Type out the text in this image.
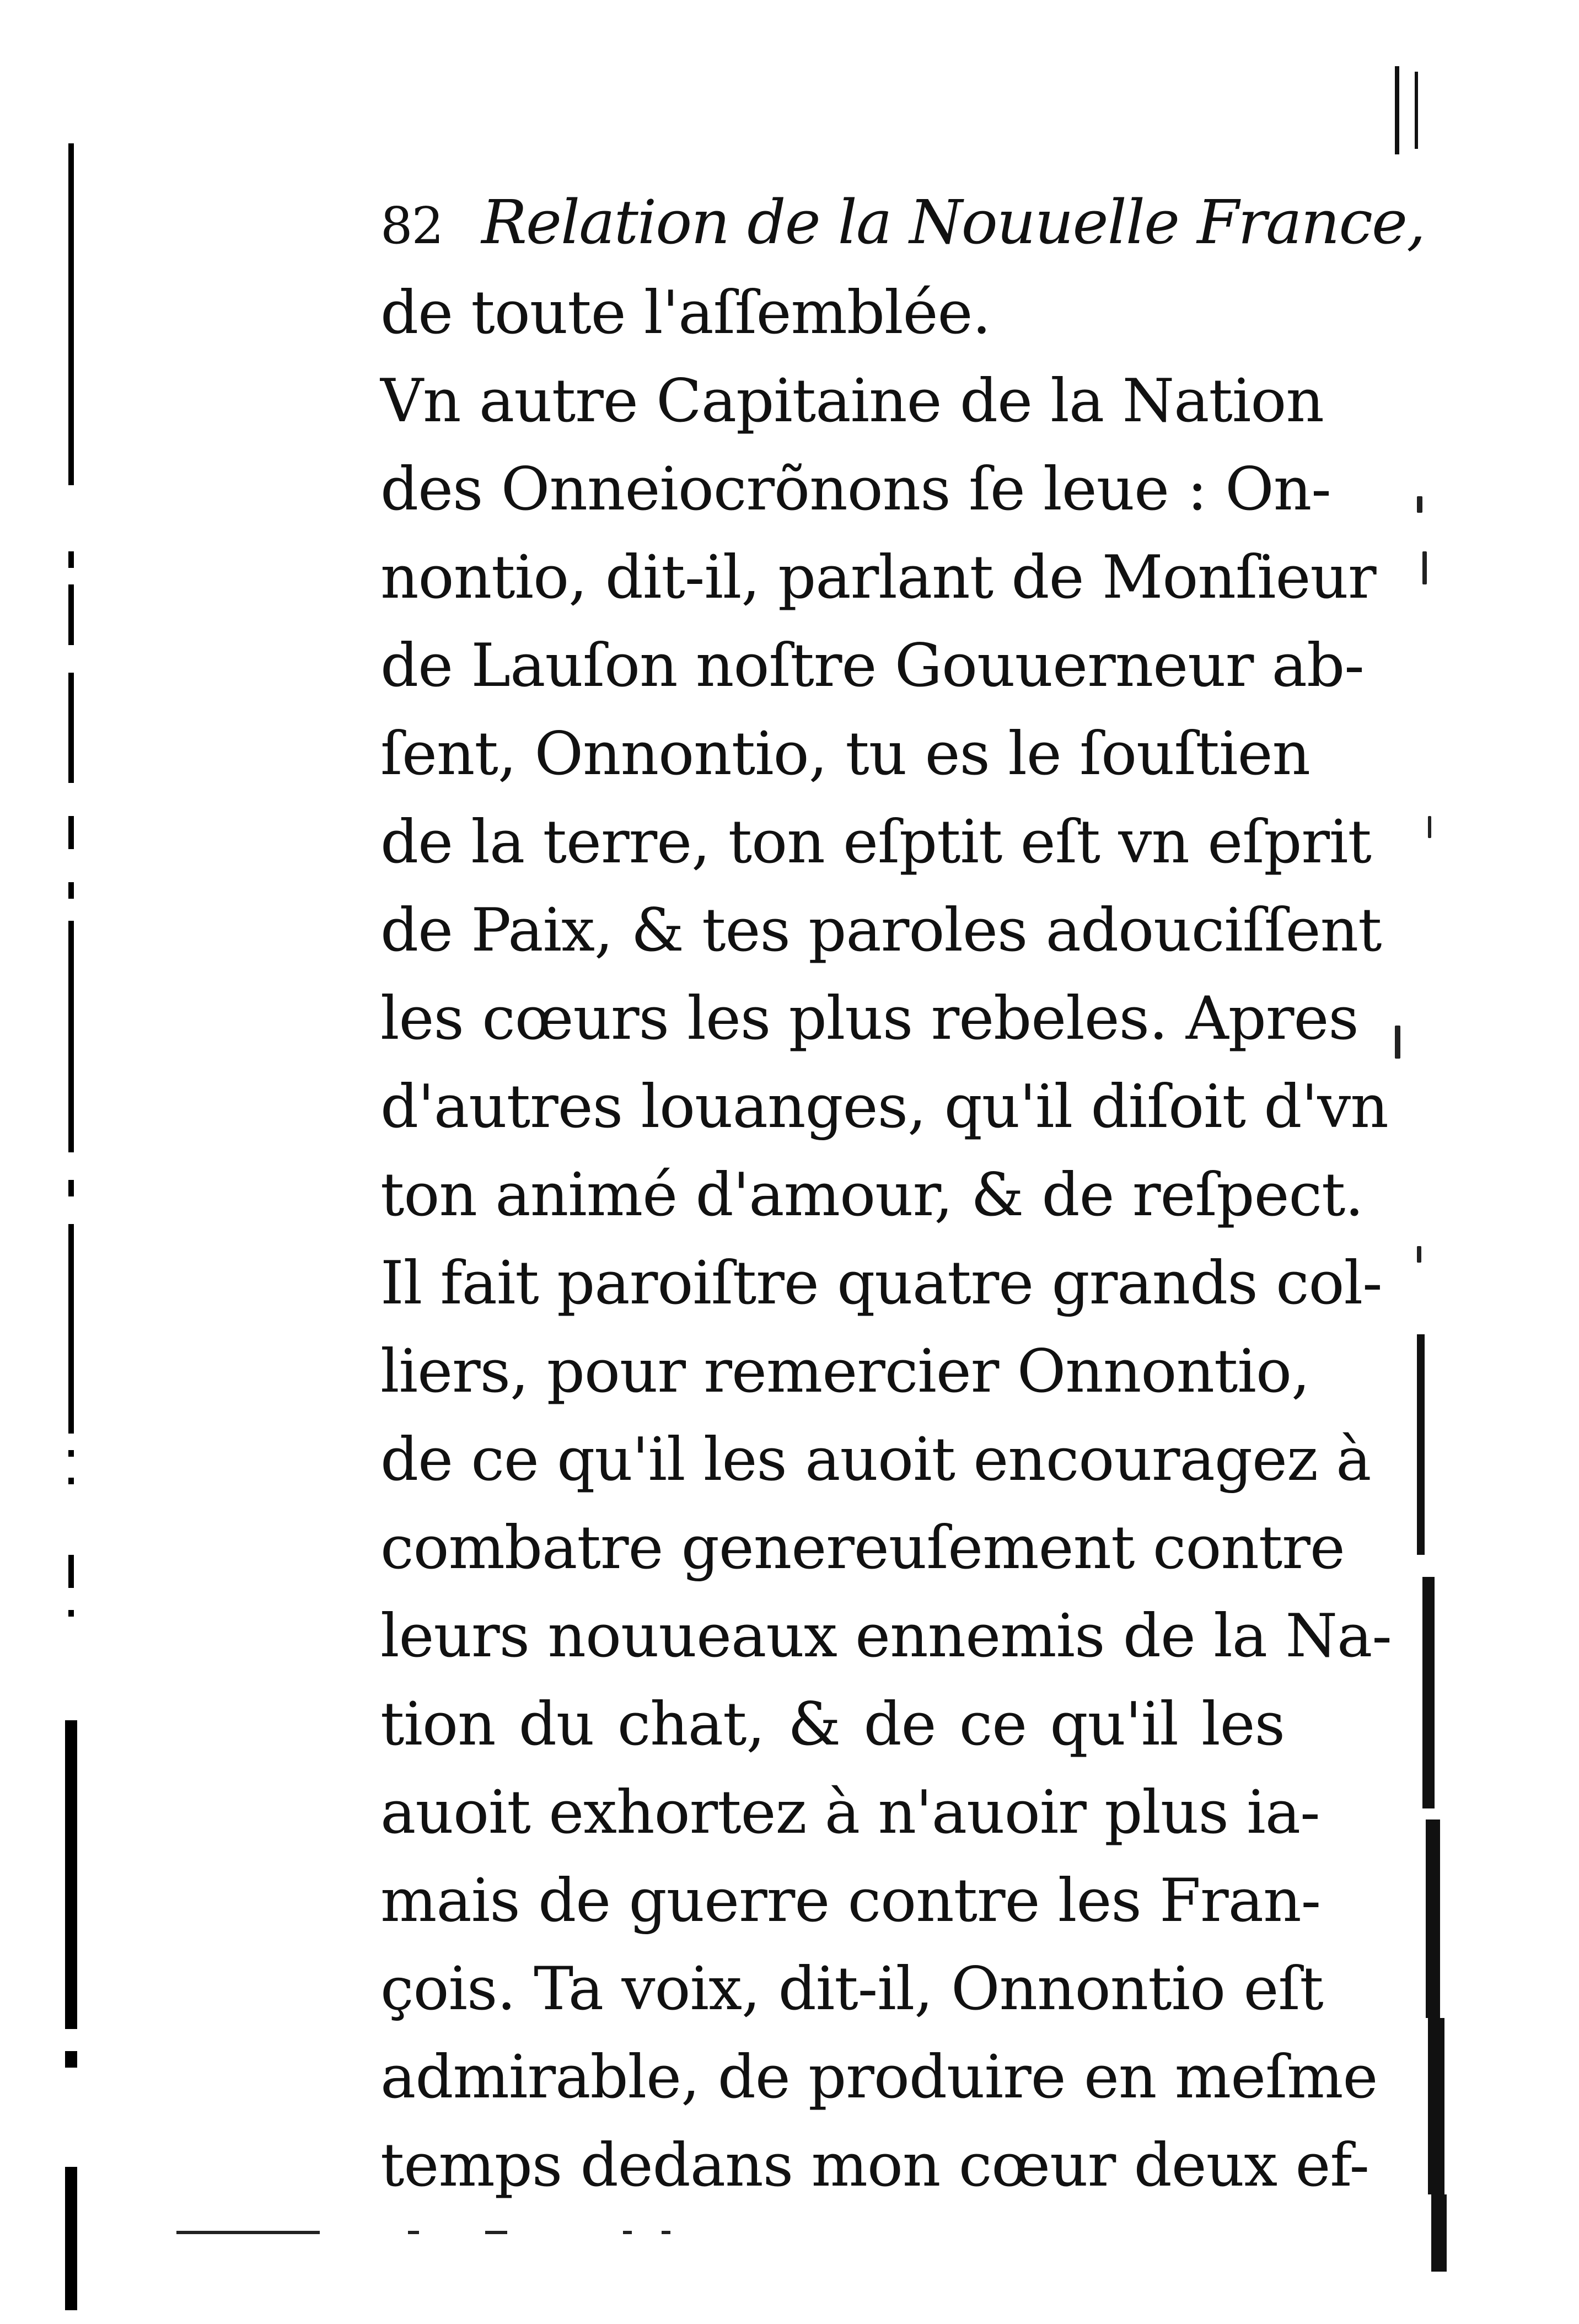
82 Relation de la Nouuelle France,
de toute l'aſſemblée.
Vn autre Capitaine de la Nation
des Onneiocrõnons ſe leue : On-
nontio, dit-il, parlant de Monſieur
de Lauſon noſtre Gouuerneur ab-
ſent, Onnontio, tu es le ſouſtien
de la terre, ton eſptit eſt vn eſprit
de Paix, & tes paroles adouciſſent
les cœurs les plus rebeles. Apres
d'autres louanges, qu'il diſoit d'vn
ton animé d'amour, & de reſpect.
Il fait paroiſtre quatre grands col-
liers, pour remercier Onnontio,
de ce qu'il les auoit encouragez à
combatre genereuſement contre
leurs nouueaux ennemis de la Na-
tion du chat, & de ce qu'il les
auoit exhortez à n'auoir plus ia-
mais de guerre contre les Fran-
çois. Ta voix, dit-il, Onnontio eſt
admirable, de produire en meſme
temps dedans mon cœur deux ef-
